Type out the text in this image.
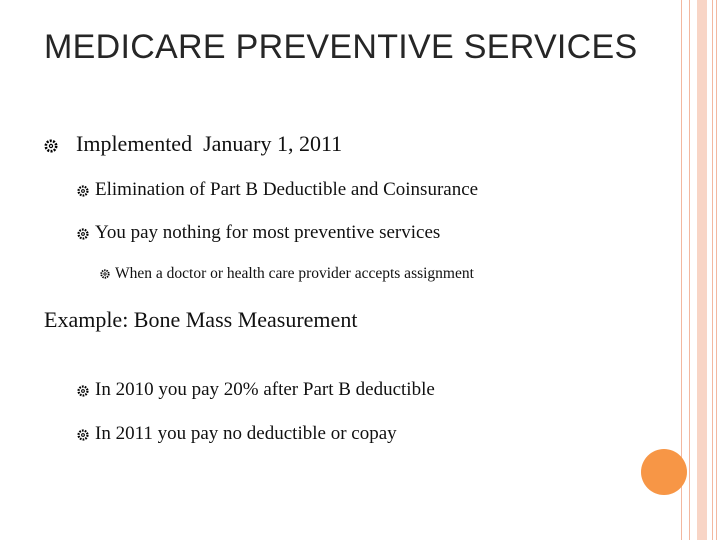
MEDICARE PREVENTIVE SERVICES
Implemented  January 1, 2011
Elimination of Part B Deductible and Coinsurance
You pay nothing for most preventive services
When a doctor or health care provider accepts assignment
Example: Bone Mass Measurement
In 2010 you pay 20% after Part B deductible
In 2011 you pay no deductible or copay
